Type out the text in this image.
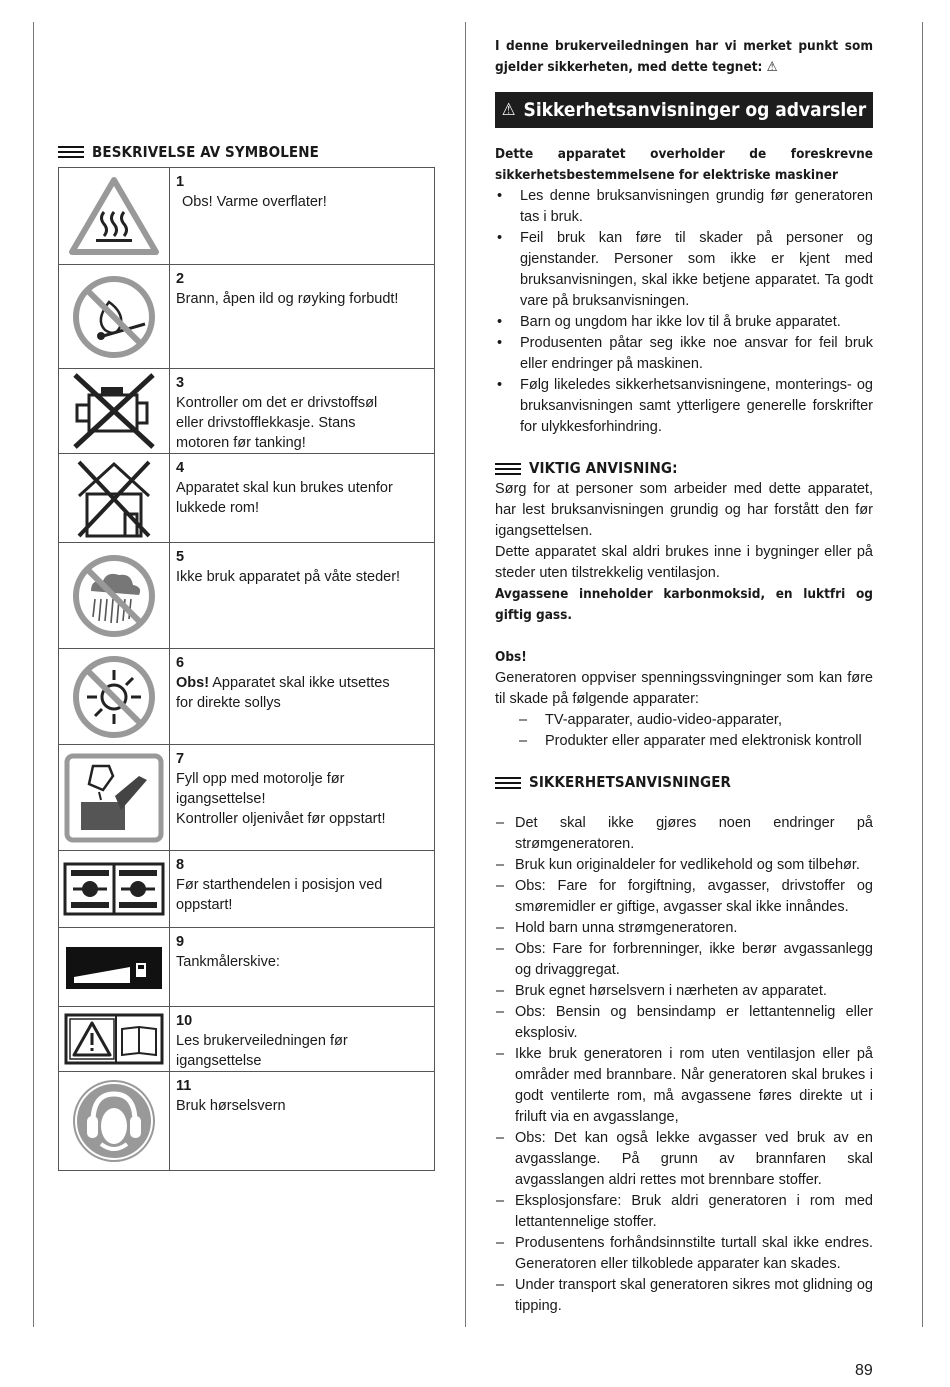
BESKRIVELSE AV SYMBOLENE
	1Obs! Varme overflater!

	2Brann, åpen ild og røyking forbudt!

	3Kontroller om det er drivstoffsøl eller drivstofflekkasje. Stans motoren før tanking!

	4Apparatet skal kun brukes utenfor lukkede rom!

	5Ikke bruk apparatet på våte steder!

	6Obs! Apparatet skal ikke utsettes for direkte sollys

	7Fyll opp med motorolje før igangsettelse!
Kontroller oljenivået før oppstart!

	8Før starthendelen i posisjon ved oppstart!

	9Tankmålerskive:

	10Les brukerveiledningen før igangsettelse

	11Bruk hørselsvern

I denne brukerveiledningen har vi merket punkt som gjelder sikkerheten, med dette tegnet: ⚠

⚠ Sikkerhetsanvisninger og advarsler

Dette apparatet overholder de foreskrevne sikkerhetsbestemmelsene for elektriske maskiner

• Les denne bruksanvisningen grundig før generatoren tas i bruk.
• Feil bruk kan føre til skader på personer og gjenstander. Personer som ikke er kjent med bruksanvisningen, skal ikke betjene apparatet. Ta godt vare på bruksanvisningen.
• Barn og ungdom har ikke lov til å bruke apparatet.
• Produsenten påtar seg ikke noe ansvar for feil bruk eller endringer på maskinen.
• Følg likeledes sikkerhetsanvisningene, monterings- og bruksanvisningen samt ytterligere generelle forskrifter for ulykkesforhindring.
VIKTIG ANVISNING:

Sørg for at personer som arbeider med dette apparatet, har lest bruksanvisningen grundig og har forstått den før igangsettelsen.

Dette apparatet skal aldri brukes inne i bygninger eller på steder uten tilstrekkelig ventilasjon.

Avgassene inneholder karbonmoksid, en luktfri og giftig gass.

Obs!

Generatoren oppviser spenningssvingninger som kan føre til skade på følgende apparater:

– TV-apparater, audio-video-apparater,
– Produkter eller apparater med elektronisk kontroll
SIKKERHETSANVISNINGER
– Det skal ikke gjøres noen endringer på strømgeneratoren.
– Bruk kun originaldeler for vedlikehold og som tilbehør.
– Obs: Fare for forgiftning, avgasser, drivstoffer og smøremidler er giftige, avgasser skal ikke innåndes.
– Hold barn unna strømgeneratoren.
– Obs: Fare for forbrenninger, ikke berør avgassanlegg og drivaggregat.
– Bruk egnet hørselsvern i nærheten av apparatet.
– Obs: Bensin og bensindamp er lettantennelig eller eksplosiv.
– Ikke bruk generatoren i rom uten ventilasjon eller på områder med brannbare. Når generatoren skal brukes i godt ventilerte rom, må avgassene føres direkte ut i friluft via en avgasslange,
– Obs: Det kan også lekke avgasser ved bruk av en avgasslange. På grunn av brannfaren skal avgasslangen aldri rettes mot brennbare stoffer.
– Eksplosjonsfare: Bruk aldri generatoren i rom med lettantennelige stoffer.
– Produsentens forhåndsinnstilte turtall skal ikke endres. Generatoren eller tilkoblede apparater kan skades.
– Under transport skal generatoren sikres mot glidning og tipping.
89
